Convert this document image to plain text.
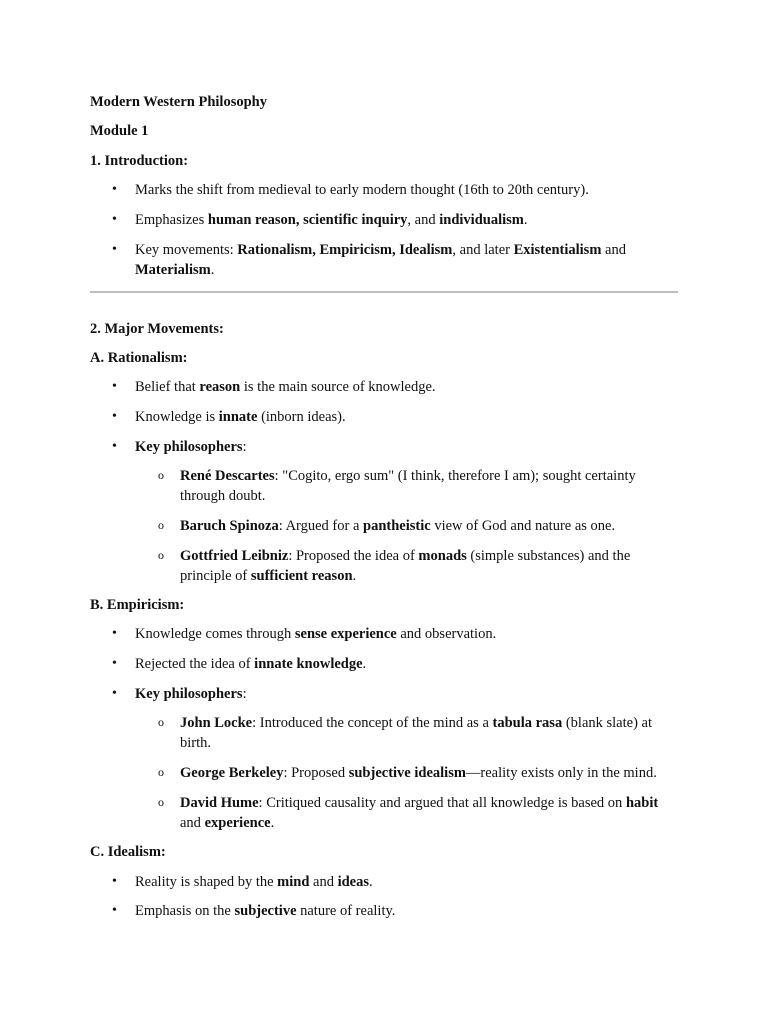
Modern Western Philosophy
Module 1
1. Introduction:
• Marks the shift from medieval to early modern thought (16th to 20th century).
• Emphasizes human reason, scientific inquiry, and individualism.
• Key movements: Rationalism, Empiricism, Idealism, and later Existentialism and
Materialism.
2. Major Movements:
A. Rationalism:
• Belief that reason is the main source of knowledge.
• Knowledge is innate (inborn ideas).
• Key philosophers:
o René Descartes: "Cogito, ergo sum" (I think, therefore I am); sought certainty
through doubt.
o Baruch Spinoza: Argued for a pantheistic view of God and nature as one.
o Gottfried Leibniz: Proposed the idea of monads (simple substances) and the
principle of sufficient reason.
B. Empiricism:
• Knowledge comes through sense experience and observation.
• Rejected the idea of innate knowledge.
• Key philosophers:
o John Locke: Introduced the concept of the mind as a tabula rasa (blank slate) at
birth.
o George Berkeley: Proposed subjective idealism—reality exists only in the mind.
o David Hume: Critiqued causality and argued that all knowledge is based on habit
and experience.
C. Idealism:
• Reality is shaped by the mind and ideas.
• Emphasis on the subjective nature of reality.
